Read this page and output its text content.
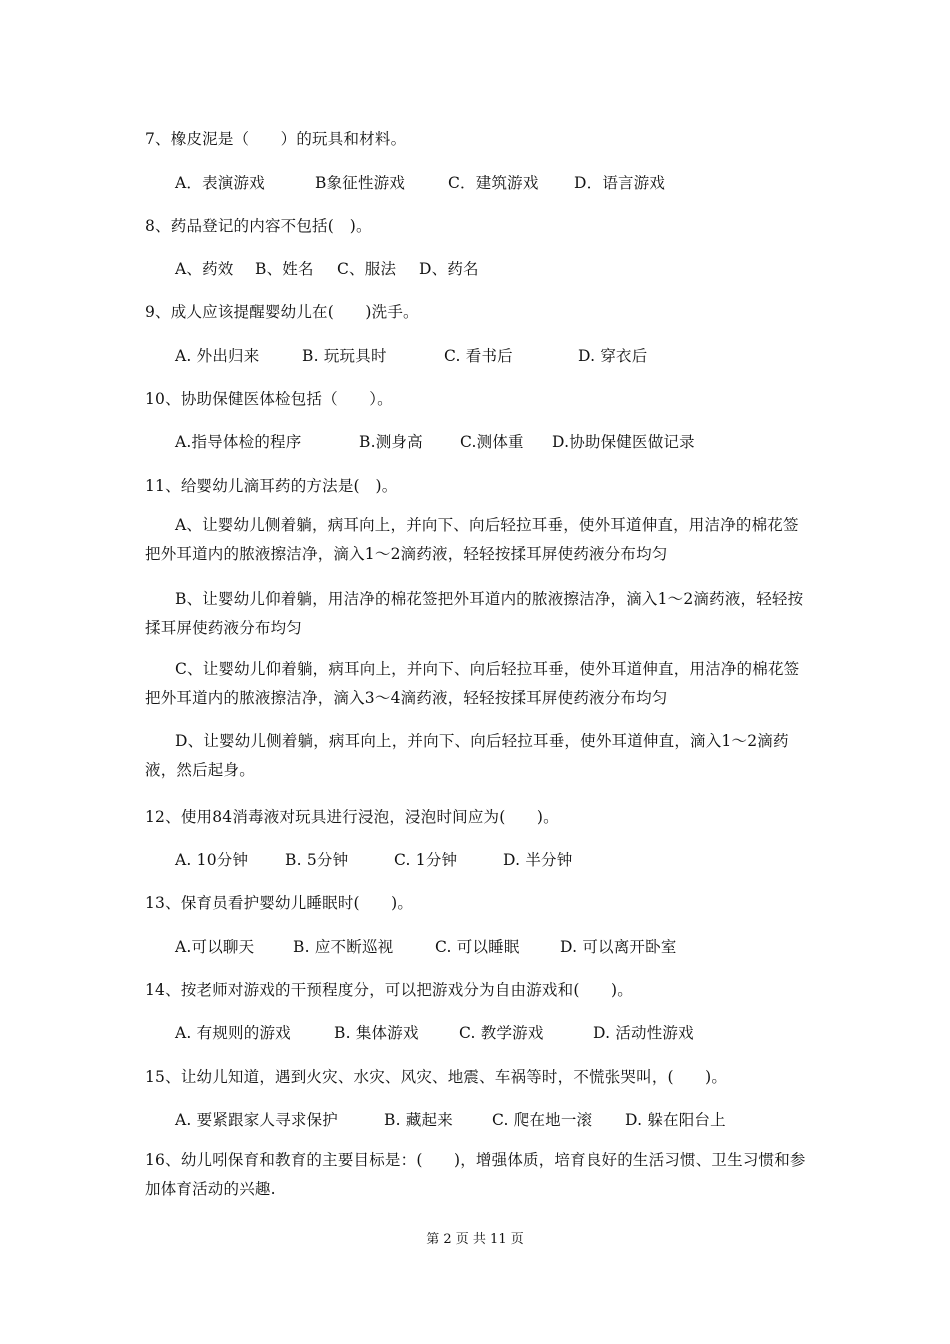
7、橡皮泥是（　　）的玩具和材料。
A．表演游戏	B象征性游戏	C．建筑游戏 D．语言游戏
8、药品登记的内容不包括(　)。
A、药效 B、姓名 C、服法 D、药名
9、成人应该提醒婴幼儿在(　　)洗手。
A. 外出归来	B. 玩玩具时	C. 看书后	D. 穿衣后
10、协助保健医体检包括（　　）。
A.指导体检的程序	B.测身高 C.测体重 D.协助保健医做记录
11、给婴幼儿滴耳药的方法是(　)。
A、让婴幼儿侧着躺，病耳向上，并向下、向后轻拉耳垂，使外耳道伸直，用洁净的棉花签把外耳道内的脓液擦洁净，滴入1～2滴药液，轻轻按揉耳屏使药液分布均匀
B、让婴幼儿仰着躺，用洁净的棉花签把外耳道内的脓液擦洁净，滴入1～2滴药液，轻轻按揉耳屏使药液分布均匀
C、让婴幼儿仰着躺，病耳向上，并向下、向后轻拉耳垂，使外耳道伸直，用洁净的棉花签把外耳道内的脓液擦洁净，滴入3～4滴药液，轻轻按揉耳屏使药液分布均匀
D、让婴幼儿侧着躺，病耳向上，并向下、向后轻拉耳垂，使外耳道伸直，滴入1～2滴药液，然后起身。
12、使用84消毒液对玩具进行浸泡，浸泡时间应为(　　)。
A. 10分钟 B. 5分钟	C. 1分钟	D. 半分钟
13、保育员看护婴幼儿睡眠时(　　)。
A.可以聊天 B. 应不断巡视	C. 可以睡眠	D. 可以离开卧室
14、按老师对游戏的干预程度分，可以把游戏分为自由游戏和(　　)。
A. 有规则的游戏	B. 集体游戏	C. 教学游戏	D. 活动性游戏
15、让幼儿知道，遇到火灾、水灾、风灾、地震、车祸等时，不慌张哭叫，(　　)。
A. 要紧跟家人寻求保护	B. 藏起来	C. 爬在地一滚 D. 躲在阳台上
16、幼儿吲保育和教育的主要目标是：(　　)，增强体质，培育良好的生活习惯、卫生习惯和参加体育活动的兴趣.
第 2 页 共 11 页
